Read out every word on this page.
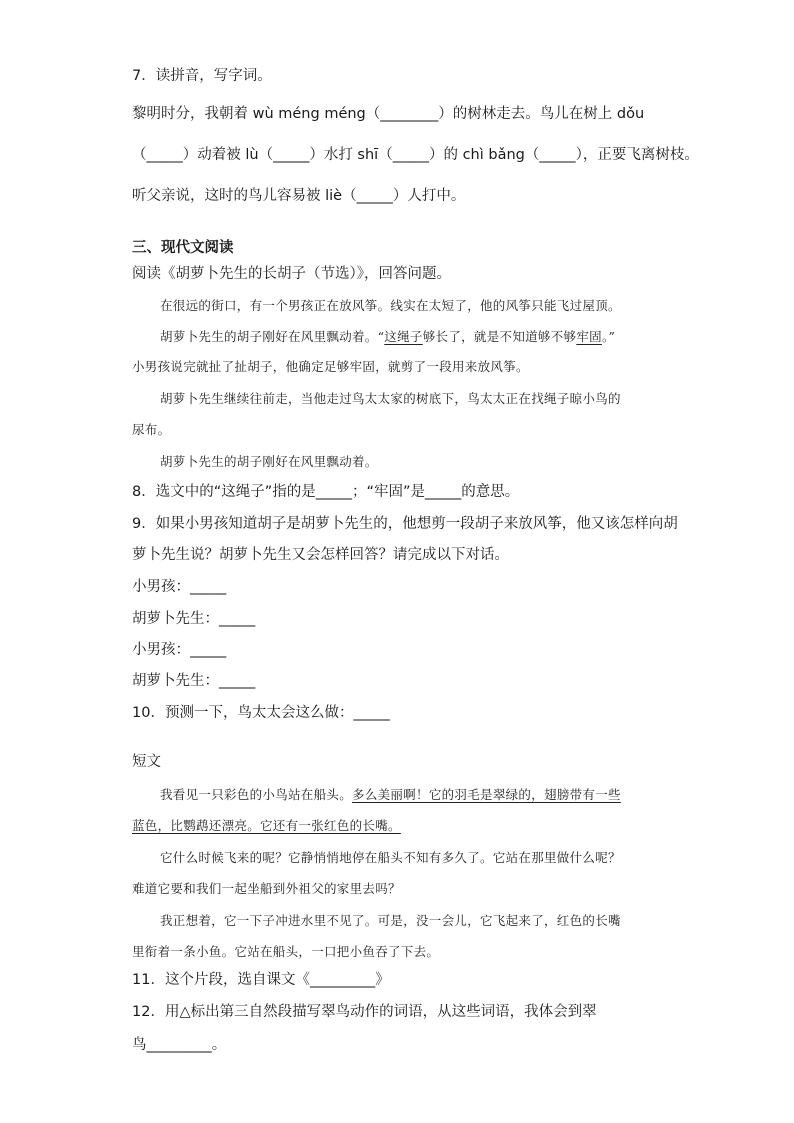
7．读拼音，写字词。
黎明时分，我朝着 wù méng méng（________）的树林走去。鸟儿在树上 dǒu
（_____）动着被 lù（_____）水打 shī（_____）的 chì bǎng（_____），正要飞离树枝。
听父亲说，这时的鸟儿容易被 liè（_____）人打中。
三、现代文阅读
阅读《胡萝卜先生的长胡子（节选）》，回答问题。
在很远的街口，有一个男孩正在放风筝。线实在太短了，他的风筝只能飞过屋顶。
胡萝卜先生的胡子刚好在风里飘动着。“这绳子够长了，就是不知道够不够牢固。”
小男孩说完就扯了扯胡子，他确定足够牢固，就剪了一段用来放风筝。
胡萝卜先生继续往前走，当他走过鸟太太家的树底下，鸟太太正在找绳子晾小鸟的
尿布。
胡萝卜先生的胡子刚好在风里飘动着。
8．选文中的“这绳子”指的是_____；“牢固”是_____的意思。
9．如果小男孩知道胡子是胡萝卜先生的，他想剪一段胡子来放风筝，他又该怎样向胡
萝卜先生说？胡萝卜先生又会怎样回答？请完成以下对话。
小男孩：_____
胡萝卜先生：_____
小男孩：_____
胡萝卜先生：_____
10．预测一下，鸟太太会这么做：_____
短文
我看见一只彩色的小鸟站在船头。多么美丽啊！它的羽毛是翠绿的，翅膀带有一些
蓝色，比鹦鹉还漂亮。它还有一张红色的长嘴。
它什么时候飞来的呢？它静悄悄地停在船头不知有多久了。它站在那里做什么呢？
难道它要和我们一起坐船到外祖父的家里去吗？
我正想着，它一下子冲进水里不见了。可是，没一会儿，它飞起来了，红色的长嘴
里衔着一条小鱼。它站在船头，一口把小鱼吞了下去。
11．这个片段，选自课文《_________》
12．用△标出第三自然段描写翠鸟动作的词语，从这些词语，我体会到翠
鸟_________。
